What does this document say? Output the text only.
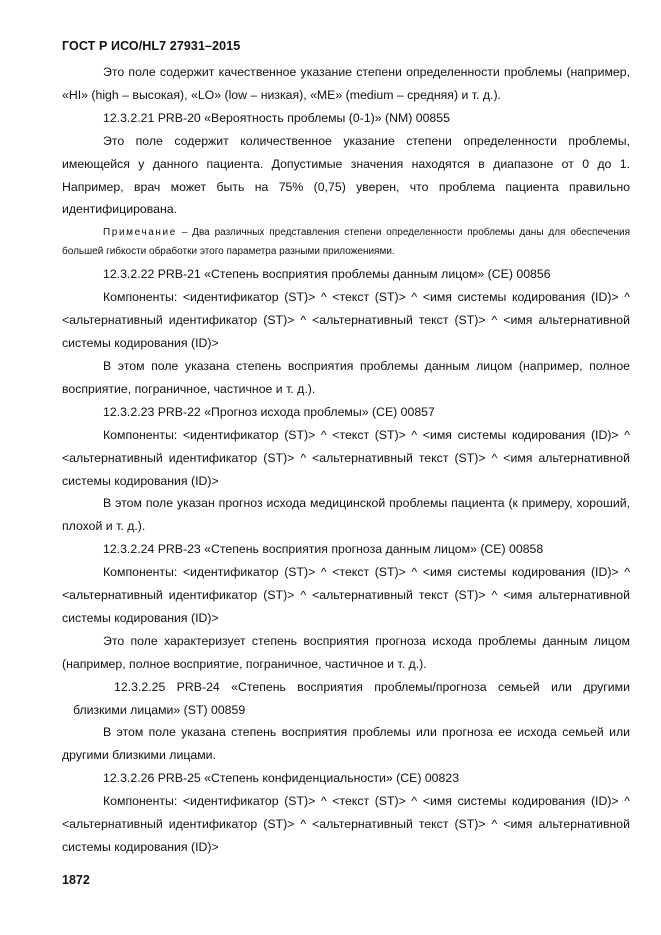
ГОСТ Р ИСО/HL7 27931–2015

Это поле содержит качественное указание степени определенности проблемы (например, «HI» (high – высокая), «LO» (low – низкая), «ME» (medium – средняя) и т. д.).

12.3.2.21 PRB-20 «Вероятность проблемы (0-1)» (NM) 00855

Это поле содержит количественное указание степени определенности проблемы, имеющейся у данного пациента. Допустимые значения находятся в диапазоне от 0 до 1. Например, врач может быть на 75% (0,75) уверен, что проблема пациента правильно идентифицирована.

Примечание – Два различных представления степени определенности проблемы даны для обеспечения большей гибкости обработки этого параметра разными приложениями.

12.3.2.22 PRB-21 «Степень восприятия проблемы данным лицом» (CE) 00856

Компоненты: <идентификатор (ST)> ^ <текст (ST)> ^ <имя системы кодирования (ID)> ^ <альтернативный идентификатор (ST)> ^ <альтернативный текст (ST)> ^ <имя альтернативной системы кодирования (ID)>

В этом поле указана степень восприятия проблемы данным лицом (например, полное восприятие, пограничное, частичное и т. д.).

12.3.2.23 PRB-22 «Прогноз исхода проблемы» (CE) 00857

Компоненты: <идентификатор (ST)> ^ <текст (ST)> ^ <имя системы кодирования (ID)> ^ <альтернативный идентификатор (ST)> ^ <альтернативный текст (ST)> ^ <имя альтернативной системы кодирования (ID)>

В этом поле указан прогноз исхода медицинской проблемы пациента (к примеру, хороший, плохой и т. д.).

12.3.2.24 PRB-23 «Степень восприятия прогноза данным лицом» (CE) 00858

Компоненты: <идентификатор (ST)> ^ <текст (ST)> ^ <имя системы кодирования (ID)> ^ <альтернативный идентификатор (ST)> ^ <альтернативный текст (ST)> ^ <имя альтернативной системы кодирования (ID)>

Это поле характеризует степень восприятия прогноза исхода проблемы данным лицом (например, полное восприятие, пограничное, частичное и т. д.).

12.3.2.25 PRB-24 «Степень восприятия проблемы/прогноза семьей или другими близкими лицами» (ST) 00859

В этом поле указана степень восприятия проблемы или прогноза ее исхода семьей или другими близкими лицами.

12.3.2.26 PRB-25 «Степень конфиденциальности» (CE) 00823

Компоненты: <идентификатор (ST)> ^ <текст (ST)> ^ <имя системы кодирования (ID)> ^ <альтернативный идентификатор (ST)> ^ <альтернативный текст (ST)> ^ <имя альтернативной системы кодирования (ID)>

1872
